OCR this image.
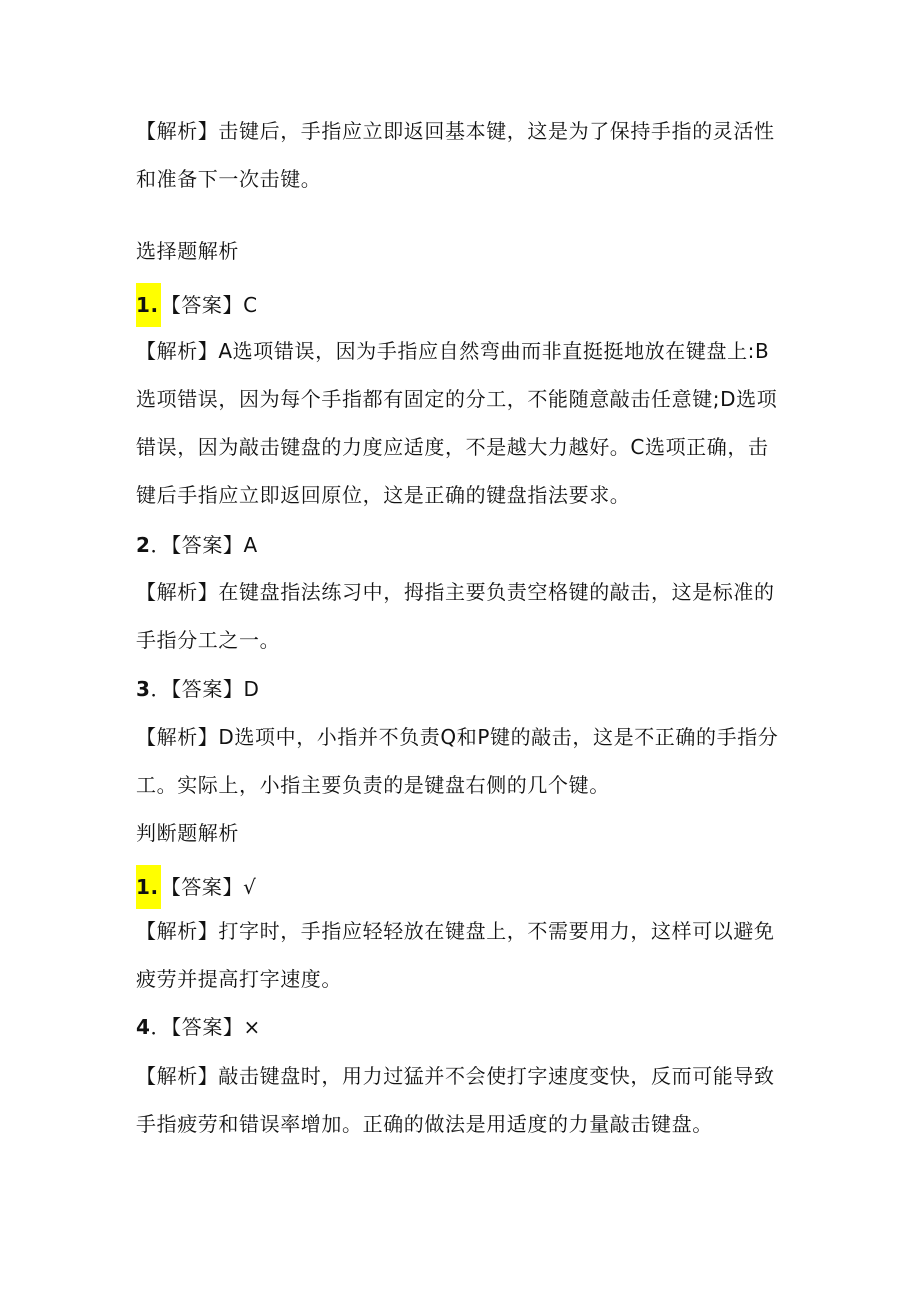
【解析】击键后，手指应立即返回基本键，这是为了保持手指的灵活性和准备下一次击键。

选择题解析

1. 【答案】C

【解析】A选项错误，因为手指应自然弯曲而非直挺挺地放在键盘上:B选项错误，因为每个手指都有固定的分工，不能随意敲击任意键;D选项错误，因为敲击键盘的力度应适度，不是越大力越好。C选项正确，击键后手指应立即返回原位，这是正确的键盘指法要求。

2．【答案】A

【解析】在键盘指法练习中，拇指主要负责空格键的敲击，这是标准的手指分工之一。

3．【答案】D

【解析】D选项中，小指并不负责Q和P键的敲击，这是不正确的手指分工。实际上，小指主要负责的是键盘右侧的几个键。

判断题解析

1. 【答案】√

【解析】打字时，手指应轻轻放在键盘上，不需要用力，这样可以避免疲劳并提高打字速度。

4．【答案】×

【解析】敲击键盘时，用力过猛并不会使打字速度变快，反而可能导致手指疲劳和错误率增加。正确的做法是用适度的力量敲击键盘。
